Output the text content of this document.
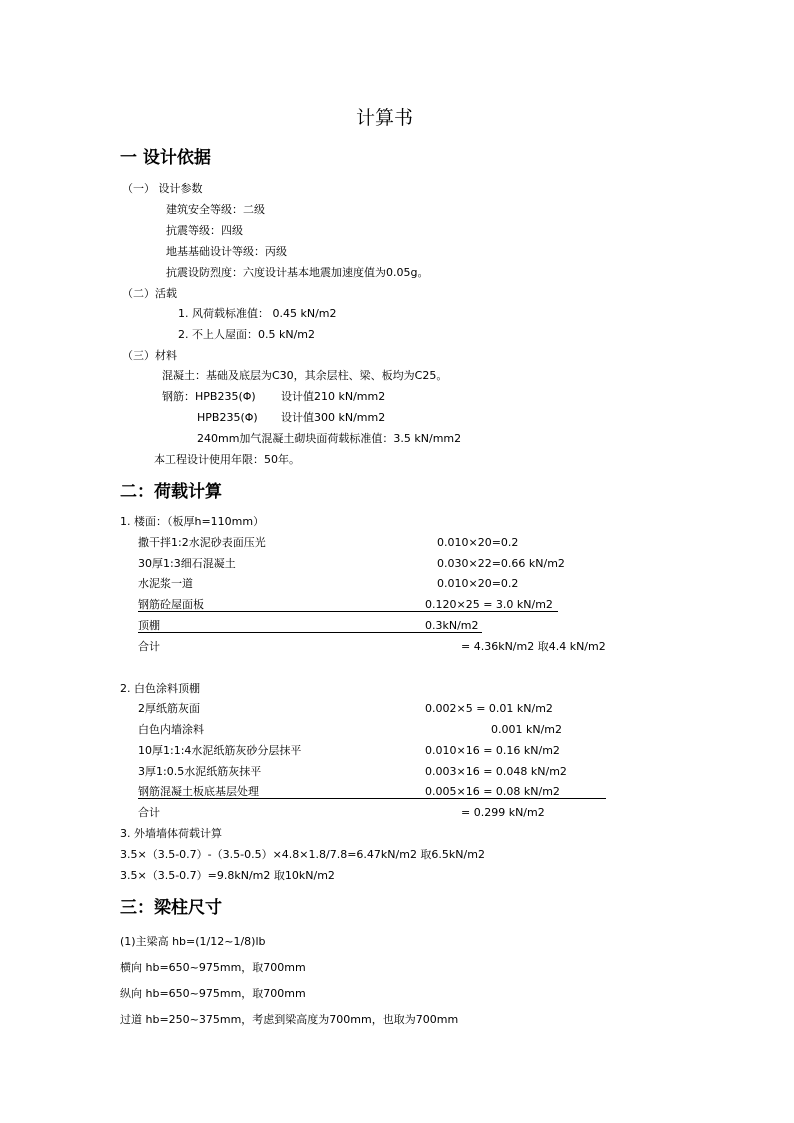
计算书
一 设计依据
（一） 设计参数
建筑安全等级：二级
抗震等级：四级
地基基础设计等级：丙级
抗震设防烈度：六度设计基本地震加速度值为0.05g。
（二）活载
1. 风荷载标准值： 0.45 kN/m2
2. 不上人屋面：0.5 kN/m2
（三）材料
混凝土：基础及底层为C30，其余层柱、梁、板均为C25。
钢筋：HPB235(Φ) 设计值210 kN/mm2
HPB235(Φ) 设计值300 kN/mm2
240mm加气混凝土砌块面荷载标准值：3.5 kN/mm2
本工程设计使用年限：50年。
二：荷载计算
1. 楼面：（板厚h=110mm）
撒干拌1:2水泥砂表面压光	0.010×20=0.2
30厚1:3细石混凝土	0.030×22=0.66 kN/m2
水泥浆一道	0.010×20=0.2
钢筋砼屋面板	0.120×25 = 3.0 kN/m2
顶棚	0.3kN/m2
合计	= 4.36kN/m2 取4.4 kN/m2
2. 白色涂料顶棚
2厚纸筋灰面	0.002×5 = 0.01 kN/m2
白色内墙涂料	0.001 kN/m2
10厚1:1:4水泥纸筋灰砂分层抹平	0.010×16 = 0.16 kN/m2
3厚1:0.5水泥纸筋灰抹平	0.003×16 = 0.048 kN/m2
钢筋混凝土板底基层处理	0.005×16 = 0.08 kN/m2
合计	= 0.299 kN/m2
3. 外墙墙体荷载计算
3.5×（3.5-0.7）-（3.5-0.5）×4.8×1.8/7.8=6.47kN/m2 取6.5kN/m2
3.5×（3.5-0.7）=9.8kN/m2 取10kN/m2
三：梁柱尺寸
(1)主梁高 hb=(1/12~1/8)lb
横向 hb=650~975mm，取700mm
纵向 hb=650~975mm，取700mm
过道 hb=250~375mm，考虑到梁高度为700mm，也取为700mm
